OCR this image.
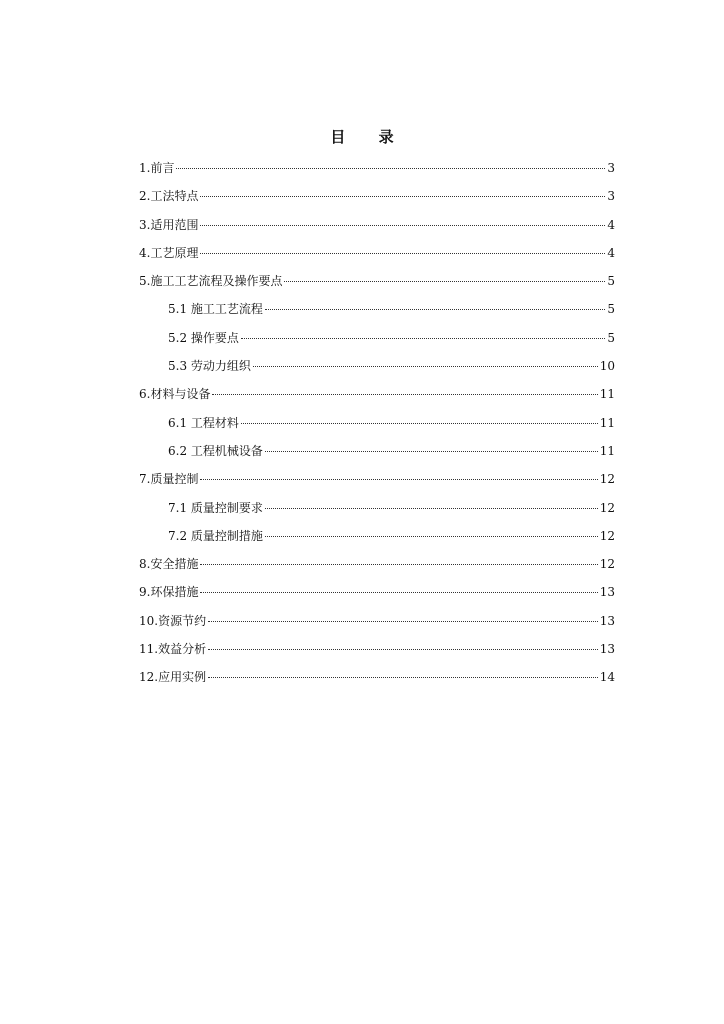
目 录
1.前言	3
2.工法特点	3
3.适用范围	4
4.工艺原理	4
5.施工工艺流程及操作要点	5
5.1 施工工艺流程	5
5.2 操作要点	5
5.3 劳动力组织	10
6.材料与设备	11
6.1 工程材料	11
6.2 工程机械设备	11
7.质量控制	12
7.1 质量控制要求	12
7.2 质量控制措施	12
8.安全措施	12
9.环保措施	13
10.资源节约	13
11.效益分析	13
12.应用实例	14
